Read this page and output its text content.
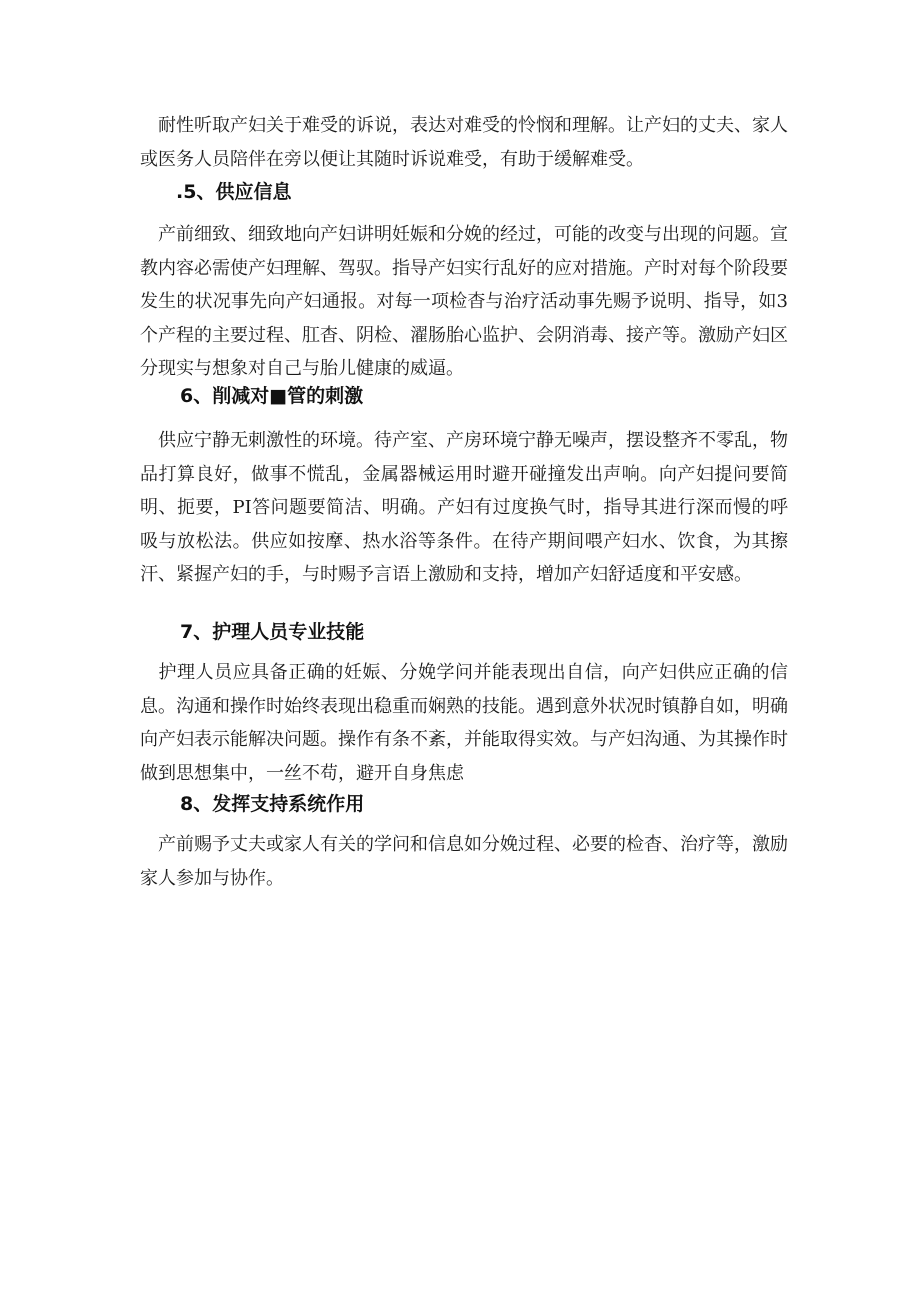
　耐性听取产妇关于难受的诉说，表达对难受的怜悯和理解。让产妇的丈夫、家人或医务人员陪伴在旁以便让其随时诉说难受，有助于缓解难受。

.5、供应信息

　产前细致、细致地向产妇讲明妊娠和分娩的经过，可能的改变与出现的问题。宣教内容必需使产妇理解、驾驭。指导产妇实行乱好的应对措施。产时对每个阶段要发生的状况事先向产妇通报。对每一项检杳与治疗活动事先赐予说明、指导，如3个产程的主要过程、肛杳、阴检、濯肠胎心监护、会阴消毒、接产等。激励产妇区分现实与想象对自己与胎儿健康的威逼。

6、削减对■管的刺激

　供应宁静无刺激性的环境。待产室、产房环境宁静无噪声，摆设整齐不零乱，物品打算良好，做事不慌乱，金属器械运用时避开碰撞发出声响。向产妇提问要简明、扼要，PI答问题要简洁、明确。产妇有过度换气时，指导其进行深而慢的呼吸与放松法。供应如按摩、热水浴等条件。在待产期间喂产妇水、饮食，为其擦汗、紧握产妇的手，与时赐予言语上激励和支持，增加产妇舒适度和平安感。

7、护理人员专业技能

　护理人员应具备正确的妊娠、分娩学问并能表现出自信，向产妇供应正确的信息。沟通和操作时始终表现出稳重而娴熟的技能。遇到意外状况时镇静自如，明确向产妇表示能解决问题。操作有条不紊，并能取得实效。与产妇沟通、为其操作时做到思想集中，一丝不苟，避开自身焦虑

8、发挥支持系统作用

　产前赐予丈夫或家人有关的学问和信息如分娩过程、必要的检杳、治疗等，激励家人参加与协作。
